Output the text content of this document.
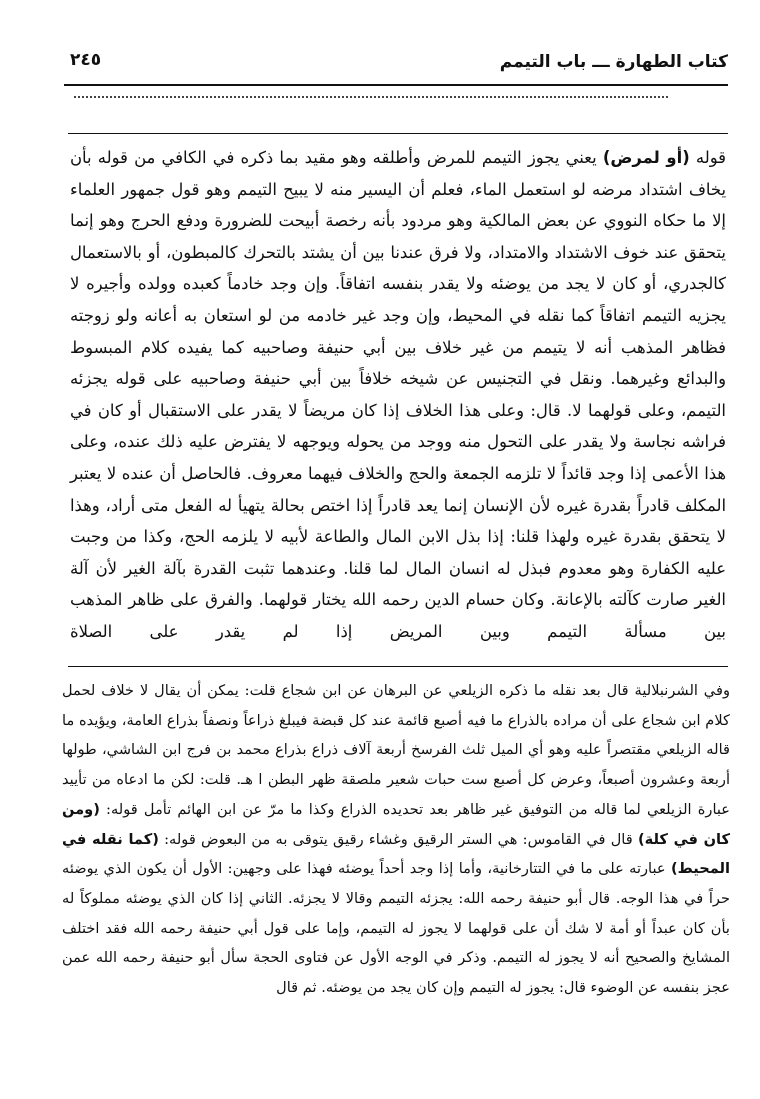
كتاب الطهارة ـــ باب التيمم
٢٤٥

قوله (أو لمرض) يعني يجوز التيمم للمرض وأطلقه وهو مقيد بما ذكره في الكافي من قوله بأن يخاف اشتداد مرضه لو استعمل الماء، فعلم أن اليسير منه لا يبيح التيمم وهو قول جمهور العلماء إلا ما حكاه النووي عن بعض المالكية وهو مردود بأنه رخصة أبيحت للضرورة ودفع الحرج وهو إنما يتحقق عند خوف الاشتداد والامتداد، ولا فرق عندنا بين أن يشتد بالتحرك كالمبطون، أو بالاستعمال كالجدري، أو كان لا يجد من يوضئه ولا يقدر بنفسه اتفاقاً. وإن وجد خادماً كعبده وولده وأجيره لا يجزيه التيمم اتفاقاً كما نقله في المحيط، وإن وجد غير خادمه من لو استعان به أعانه ولو زوجته فظاهر المذهب أنه لا يتيمم من غير خلاف بين أبي حنيفة وصاحبيه كما يفيده كلام المبسوط والبدائع وغيرهما. ونقل في التجنيس عن شيخه خلافاً بين أبي حنيفة وصاحبيه على قوله يجزئه التيمم، وعلى قولهما لا. قال: وعلى هذا الخلاف إذا كان مريضاً لا يقدر على الاستقبال أو كان في فراشه نجاسة ولا يقدر على التحول منه ووجد من يحوله ويوجهه لا يفترض عليه ذلك عنده، وعلى هذا الأعمى إذا وجد قائداً لا تلزمه الجمعة والحج والخلاف فيهما معروف. فالحاصل أن عنده لا يعتبر المكلف قادراً بقدرة غيره لأن الإنسان إنما يعد قادراً إذا اختص بحالة يتهيأ له الفعل متى أراد، وهذا لا يتحقق بقدرة غيره ولهذا قلنا: إذا بذل الابن المال والطاعة لأبيه لا يلزمه الحج، وكذا من وجبت عليه الكفارة وهو معدوم فبذل له انسان المال لما قلنا. وعندهما تثبت القدرة بآلة الغير لأن آلة الغير صارت كآلته بالإعانة. وكان حسام الدين رحمه الله يختار قولهما. والفرق على ظاهر المذهب بين مسألة التيمم وبين المريض إذا لم يقدر على الصلاة

وفي الشرنبلالية قال بعد نقله ما ذكره الزيلعي عن البرهان عن ابن شجاع قلت: يمكن أن يقال لا خلاف لحمل كلام ابن شجاع على أن مراده بالذراع ما فيه أصبع قائمة عند كل قبضة فيبلغ ذراعاً ونصفاً بذراع العامة، ويؤيده ما قاله الزيلعي مقتصراً عليه وهو أي الميل ثلث الفرسخ أربعة آلاف ذراع بذراع محمد بن فرج ابن الشاشي، طولها أربعة وعشرون أصبعاً، وعرض كل أصبع ست حبات شعير ملصقة ظهر البطن ا هـ. قلت: لكن ما ادعاه من تأييد عبارة الزيلعي لما قاله من التوفيق غير ظاهر بعد تحديده الذراع وكذا ما مرّ عن ابن الهائم تأمل قوله: (ومن كان في كلة) قال في القاموس: هي الستر الرقيق وغشاء رقيق يتوقى به من البعوض قوله: (كما نقله في المحيط) عبارته على ما في التتارخانية، وأما إذا وجد أحداً يوضئه فهذا على وجهين: الأول أن يكون الذي يوضئه حراً في هذا الوجه. قال أبو حنيفة رحمه الله: يجزئه التيمم وقالا لا يجزئه. الثاني إذا كان الذي يوضئه مملوكاً له بأن كان عبداً أو أمة لا شك أن على قولهما لا يجوز له التيمم، وإما على قول أبي حنيفة رحمه الله فقد اختلف المشايخ والصحيح أنه لا يجوز له التيمم. وذكر في الوجه الأول عن فتاوى الحجة سأل أبو حنيفة رحمه الله عمن عجز بنفسه عن الوضوء قال: يجوز له التيمم وإن كان يجد من يوضئه. ثم قال
